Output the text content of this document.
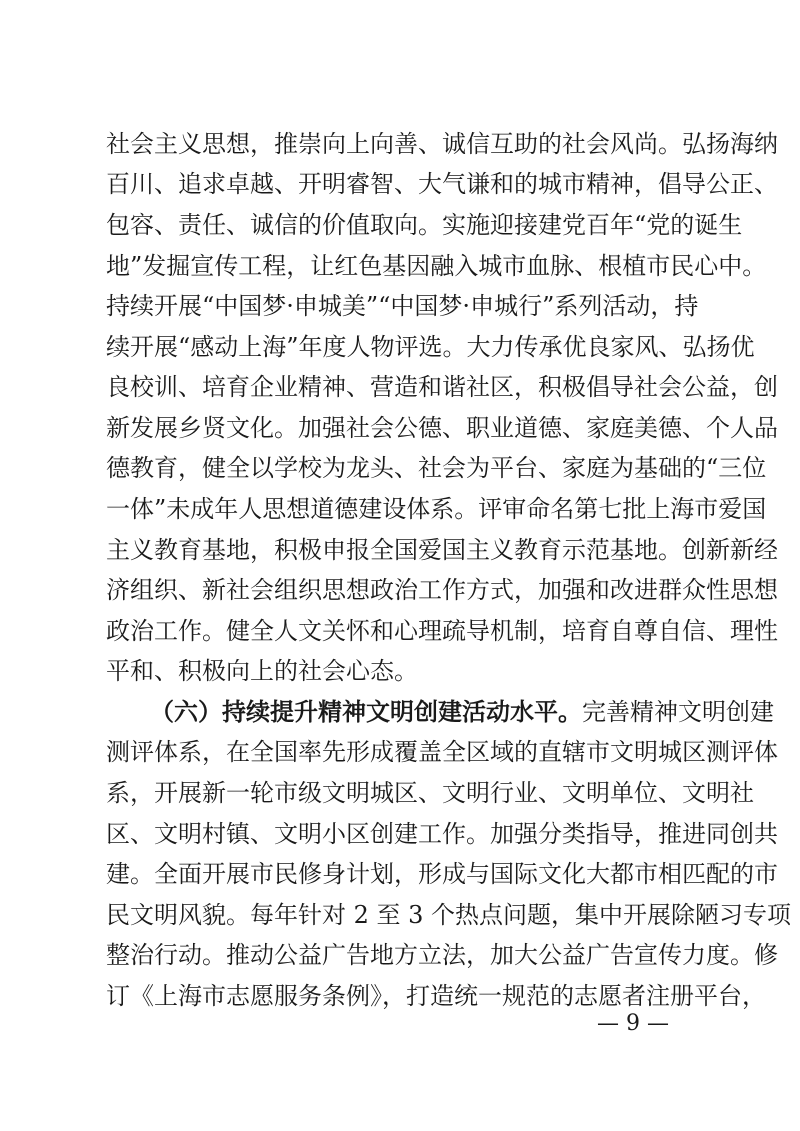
社会主义思想，推崇向上向善、诚信互助的社会风尚。弘扬海纳
百川、追求卓越、开明睿智、大气谦和的城市精神，倡导公正、
包容、责任、诚信的价值取向。实施迎接建党百年“党的诞生
地”发掘宣传工程，让红色基因融入城市血脉、根植市民心中。
持续开展“中国梦·申城美”“中国梦·申城行”系列活动，持
续开展“感动上海”年度人物评选。大力传承优良家风、弘扬优
良校训、培育企业精神、营造和谐社区，积极倡导社会公益，创
新发展乡贤文化。加强社会公德、职业道德、家庭美德、个人品
德教育，健全以学校为龙头、社会为平台、家庭为基础的“三位
一体”未成年人思想道德建设体系。评审命名第七批上海市爱国
主义教育基地，积极申报全国爱国主义教育示范基地。创新新经
济组织、新社会组织思想政治工作方式，加强和改进群众性思想
政治工作。健全人文关怀和心理疏导机制，培育自尊自信、理性
平和、积极向上的社会心态。
（六）持续提升精神文明创建活动水平。完善精神文明创建
测评体系，在全国率先形成覆盖全区域的直辖市文明城区测评体
系，开展新一轮市级文明城区、文明行业、文明单位、文明社
区、文明村镇、文明小区创建工作。加强分类指导，推进同创共
建。全面开展市民修身计划，形成与国际文化大都市相匹配的市
民文明风貌。每年针对 2 至 3 个热点问题，集中开展除陋习专项
整治行动。推动公益广告地方立法，加大公益广告宣传力度。修
订《上海市志愿服务条例》，打造统一规范的志愿者注册平台，
— 9 —
